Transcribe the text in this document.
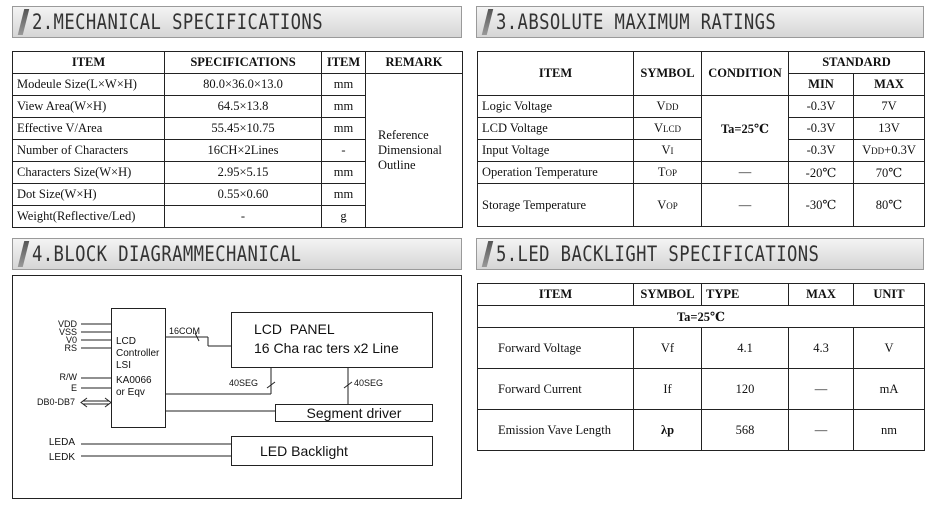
2.MECHANICAL SPECIFICATIONS	3.ABSOLUTE MAXIMUM RATINGS
4.BLOCK DIAGRAMMECHANICAL	5.LED BACKLIGHT SPECIFICATIONS
ITEM	SPECIFICATIONS	ITEM	REMARK
Modeule Size(L×W×H)	80.0×36.0×13.0	mm	Reference
Dimensional
Outline

View Area(W×H)	64.5×13.8	mm	
Effective V/Area	55.45×10.75	mm	
Number of Characters	16CH×2Lines	-	
Characters Size(W×H)	2.95×5.15	mm	
Dot Size(W×H)	0.55×0.60	mm	
Weight(Reflective/Led)	-	g	
ITEM	SYMBOL	CONDITION	STANDARD	
			MIN	MAX
Logic Voltage	Vdd	Ta=25℃	-0.3V	7V
LCD Voltage	Vlcd		-0.3V	13V
Input Voltage	Vi		-0.3V	Vdd+0.3V
Operation Temperature	Top	—	-20℃	70℃
Storage Temperature	Vop	—	-30℃	80℃
VDD
VSS
V0
RS
R/W
E
DB0-DB7
LEDA
LEDK
LCD
Controller
LSI
KA0066
or Eqv
16COM
40SEG	40SEG
LCD  PANEL
16 Cha rac ters x2 Line
Segment driver
LED Backlight
ITEM	SYMBOL	TYPE	MAX	UNIT
Ta=25℃				
Forward Voltage	Vf	4.1	4.3	V
Forward Current	If	120	—	mA
Emission Vave Length	λp	568	—	nm
